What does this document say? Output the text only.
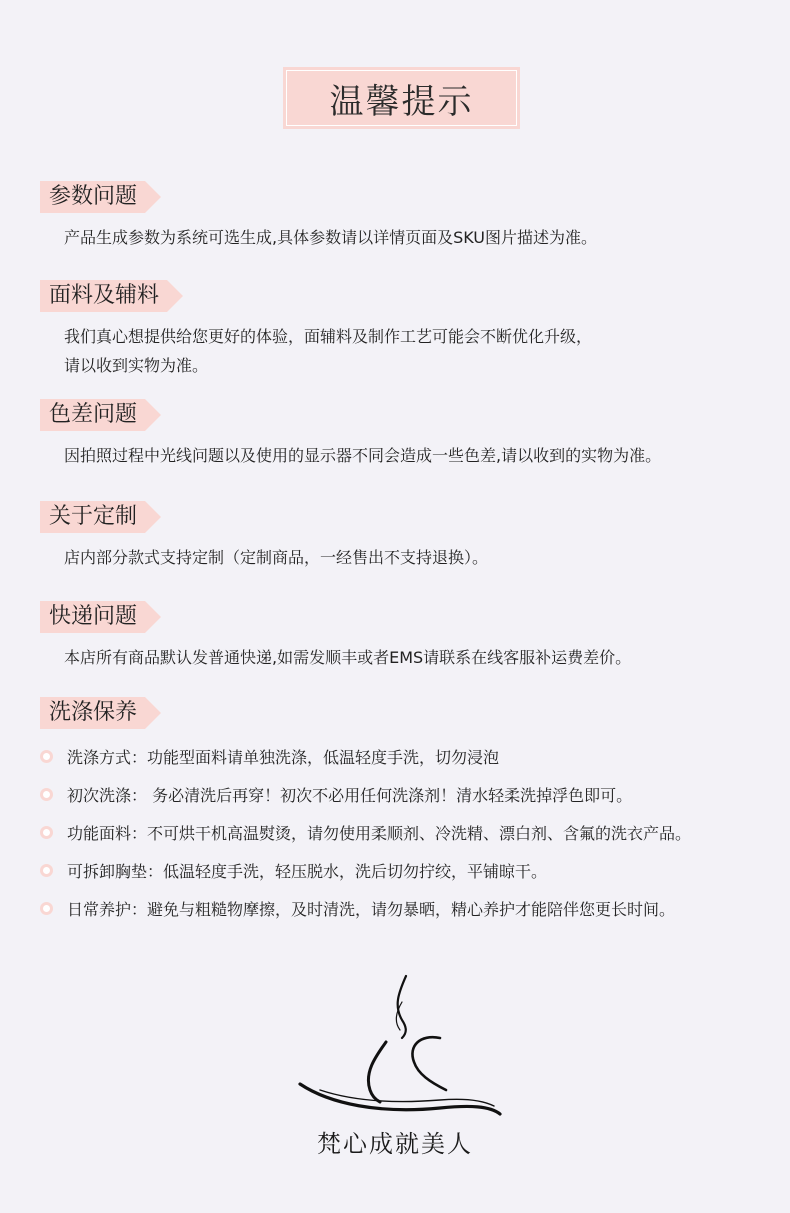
温馨提示
参数问题
产品生成参数为系统可选生成,具体参数请以详情页面及SKU图片描述为准。
面料及辅料
我们真心想提供给您更好的体验，面辅料及制作工艺可能会不断优化升级，
请以收到实物为准。
色差问题
因拍照过程中光线问题以及使用的显示器不同会造成一些色差,请以收到的实物为准。
关于定制
店内部分款式支持定制（定制商品，一经售出不支持退换）。
快递问题
本店所有商品默认发普通快递,如需发顺丰或者EMS请联系在线客服补运费差价。
洗涤保养
洗涤方式：功能型面料请单独洗涤，低温轻度手洗，切勿浸泡
初次洗涤： 务必清洗后再穿！初次不必用任何洗涤剂！清水轻柔洗掉浮色即可。
功能面料：不可烘干机高温熨烫，请勿使用柔顺剂、冷洗精、漂白剂、含氟的洗衣产品。
可拆卸胸垫：低温轻度手洗，轻压脱水，洗后切勿拧绞，平铺晾干。
日常养护：避免与粗糙物摩擦，及时清洗，请勿暴晒，精心养护才能陪伴您更长时间。
梵心成就美人
